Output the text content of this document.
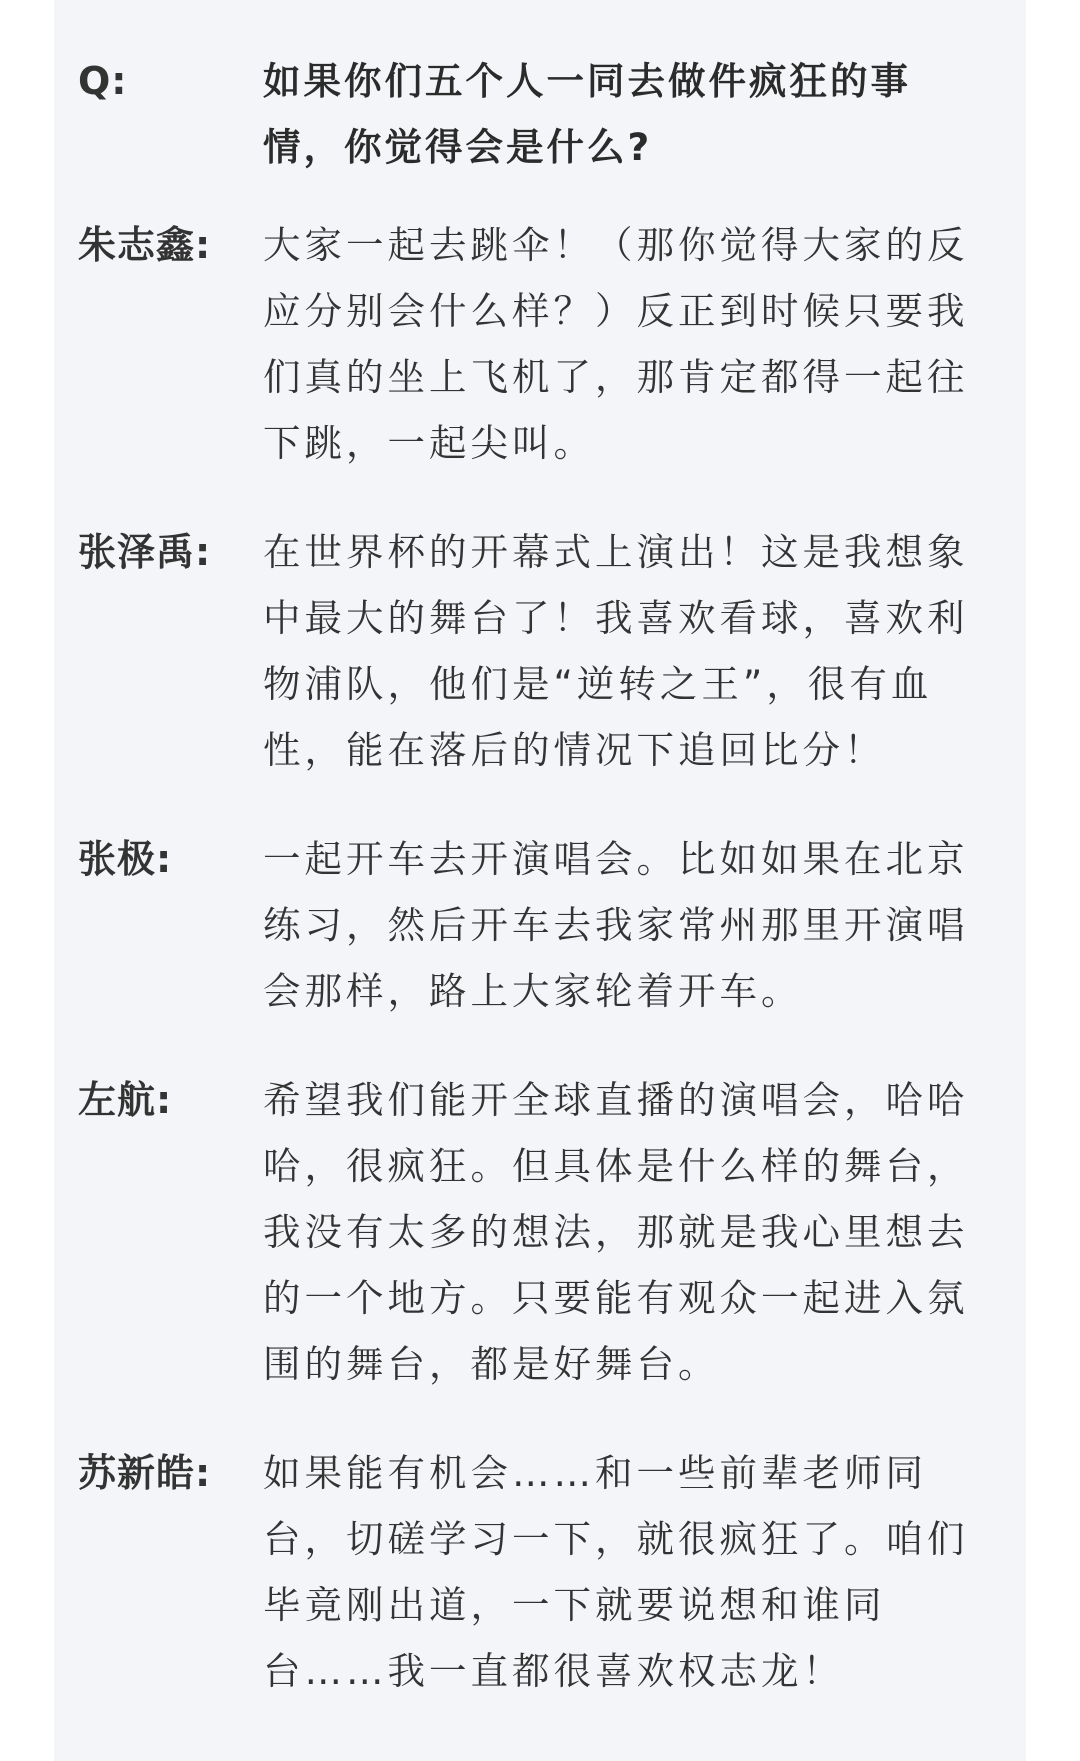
Q:	如果你们五个人一同去做件疯狂的事情，你觉得会是什么?
朱志鑫:	大家一起去跳伞！（那你觉得大家的反应分别会什么样？）反正到时候只要我们真的坐上飞机了，那肯定都得一起往下跳，一起尖叫。
张泽禹:	在世界杯的开幕式上演出！这是我想象中最大的舞台了！我喜欢看球，喜欢利物浦队，他们是“逆转之王”，很有血性，能在落后的情况下追回比分！
张极:	一起开车去开演唱会。比如如果在北京练习，然后开车去我家常州那里开演唱会那样，路上大家轮着开车。
左航:	希望我们能开全球直播的演唱会，哈哈哈，很疯狂。但具体是什么样的舞台，我没有太多的想法，那就是我心里想去的一个地方。只要能有观众一起进入氛围的舞台，都是好舞台。
苏新皓:	如果能有机会……和一些前辈老师同台，切磋学习一下，就很疯狂了。咱们毕竟刚出道，一下就要说想和谁同台……我一直都很喜欢权志龙！
